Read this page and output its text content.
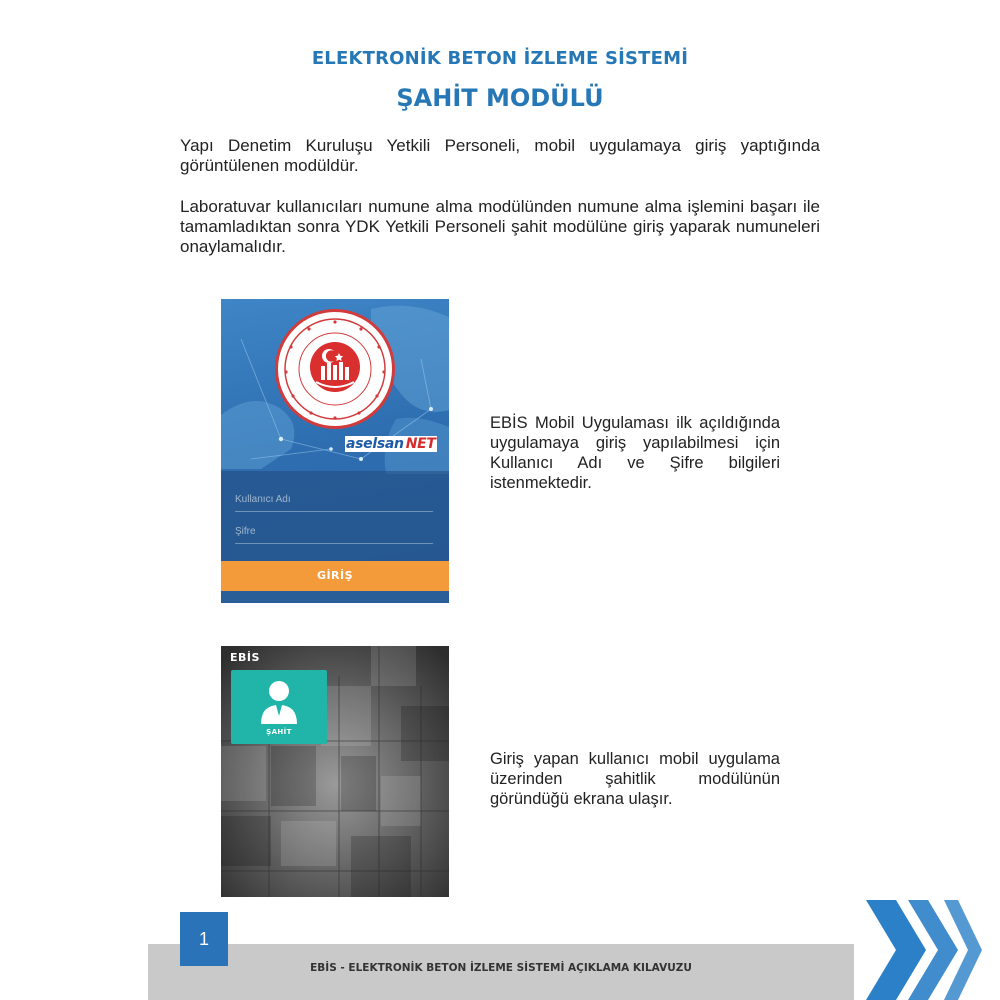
ELEKTRONİK BETON İZLEME SİSTEMİ
ŞAHİT MODÜLÜ
Yapı Denetim Kuruluşu Yetkili Personeli, mobil uygulamaya giriş yaptığında görüntülenen modüldür.
Laboratuvar kullanıcıları numune alma modülünden numune alma işlemini başarı ile tamamladıktan sonra YDK Yetkili Personeli şahit modülüne giriş yaparak numuneleri onaylamalıdır.
aselsan NET
Kullanıcı Adı
Şifre
GİRİŞ
EBİS Mobil Uygulaması ilk açıldığında uygulamaya giriş yapılabilmesi için Kullanıcı Adı ve Şifre bilgileri istenmektedir.
EBİS
ŞAHİT
Giriş yapan kullanıcı mobil uygulama üzerinden şahitlik modülünün göründüğü ekrana ulaşır.
EBİS - ELEKTRONİK BETON İZLEME SİSTEMİ AÇIKLAMA KILAVUZU
1
